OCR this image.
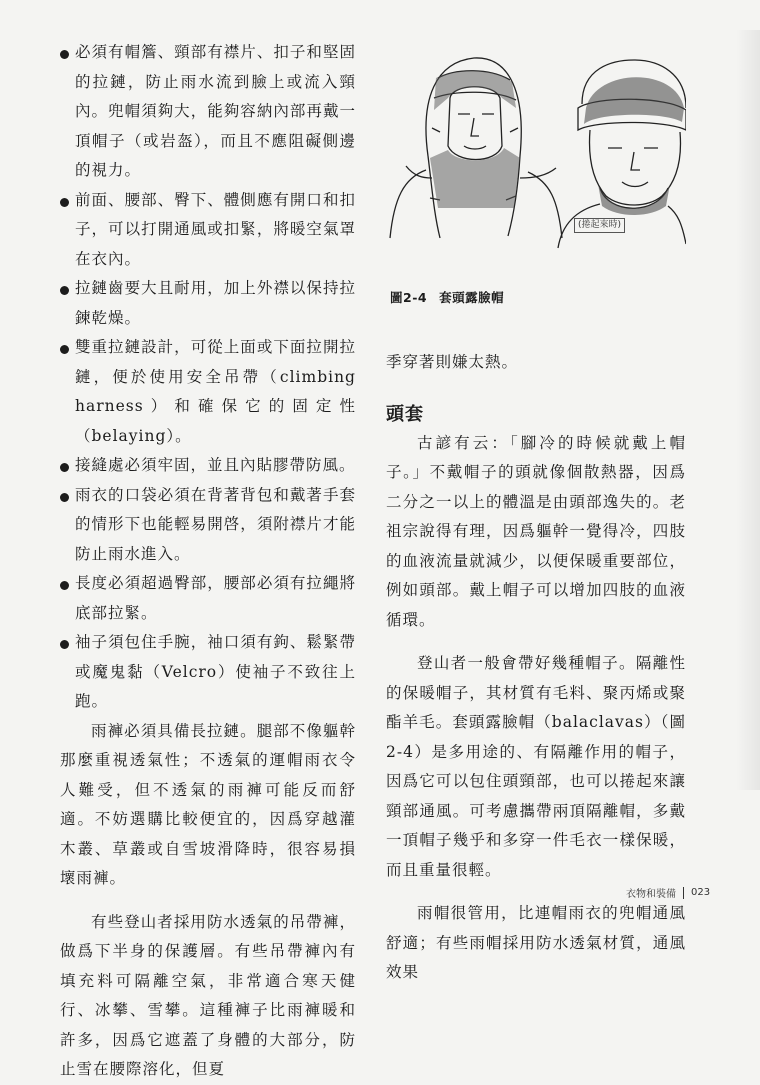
必須有帽簷、頸部有襟片、扣子和堅固的拉鏈，防止雨水流到臉上或流入頸內。兜帽須夠大，能夠容納內部再戴一頂帽子（或岩盔），而且不應阻礙側邊的視力。

前面、腰部、臀下、體側應有開口和扣子，可以打開通風或扣緊，將暖空氣罩在衣內。

拉鏈齒要大且耐用，加上外襟以保持拉鍊乾燥。

雙重拉鏈設計，可從上面或下面拉開拉鏈，便於使用安全吊帶（climbing harness）和確保它的固定性（belaying）。

接縫處必須牢固，並且內貼膠帶防風。

雨衣的口袋必須在背著背包和戴著手套的情形下也能輕易開啓，須附襟片才能防止雨水進入。

長度必須超過臀部，腰部必須有拉繩將底部拉緊。

袖子須包住手腕，袖口須有鉤、鬆緊帶或魔鬼黏（Velcro）使袖子不致往上跑。

雨褲必須具備長拉鏈。腿部不像軀幹那麼重視透氣性；不透氣的運帽雨衣令人難受，但不透氣的雨褲可能反而舒適。不妨選購比較便宜的，因爲穿越灌木叢、草叢或自雪坡滑降時，很容易損壞雨褲。

有些登山者採用防水透氣的吊帶褲，做爲下半身的保護層。有些吊帶褲內有填充料可隔離空氣，非常適合寒天健行、冰攀、雪攀。這種褲子比雨褲暖和許多，因爲它遮蓋了身體的大部分，防止雪在腰際溶化，但夏

(捲起來時)
圖2-4 套頭露臉帽

季穿著則嫌太熱。

頭套

古諺有云：「腳冷的時候就戴上帽子。」不戴帽子的頭就像個散熱器，因爲二分之一以上的體溫是由頭部逸失的。老祖宗說得有理，因爲軀幹一覺得冷，四肢的血液流量就減少，以便保暖重要部位，例如頭部。戴上帽子可以增加四肢的血液循環。

登山者一般會帶好幾種帽子。隔離性的保暖帽子，其材質有毛料、聚丙烯或聚酯羊毛。套頭露臉帽（balaclavas）（圖2-4）是多用途的、有隔離作用的帽子，因爲它可以包住頭頸部，也可以捲起來讓頸部通風。可考慮攜帶兩頂隔離帽，多戴一頂帽子幾乎和多穿一件毛衣一樣保暖，而且重量很輕。

雨帽很管用，比連帽雨衣的兜帽通風舒適；有些雨帽採用防水透氣材質，通風效果

衣物和裝備 023
